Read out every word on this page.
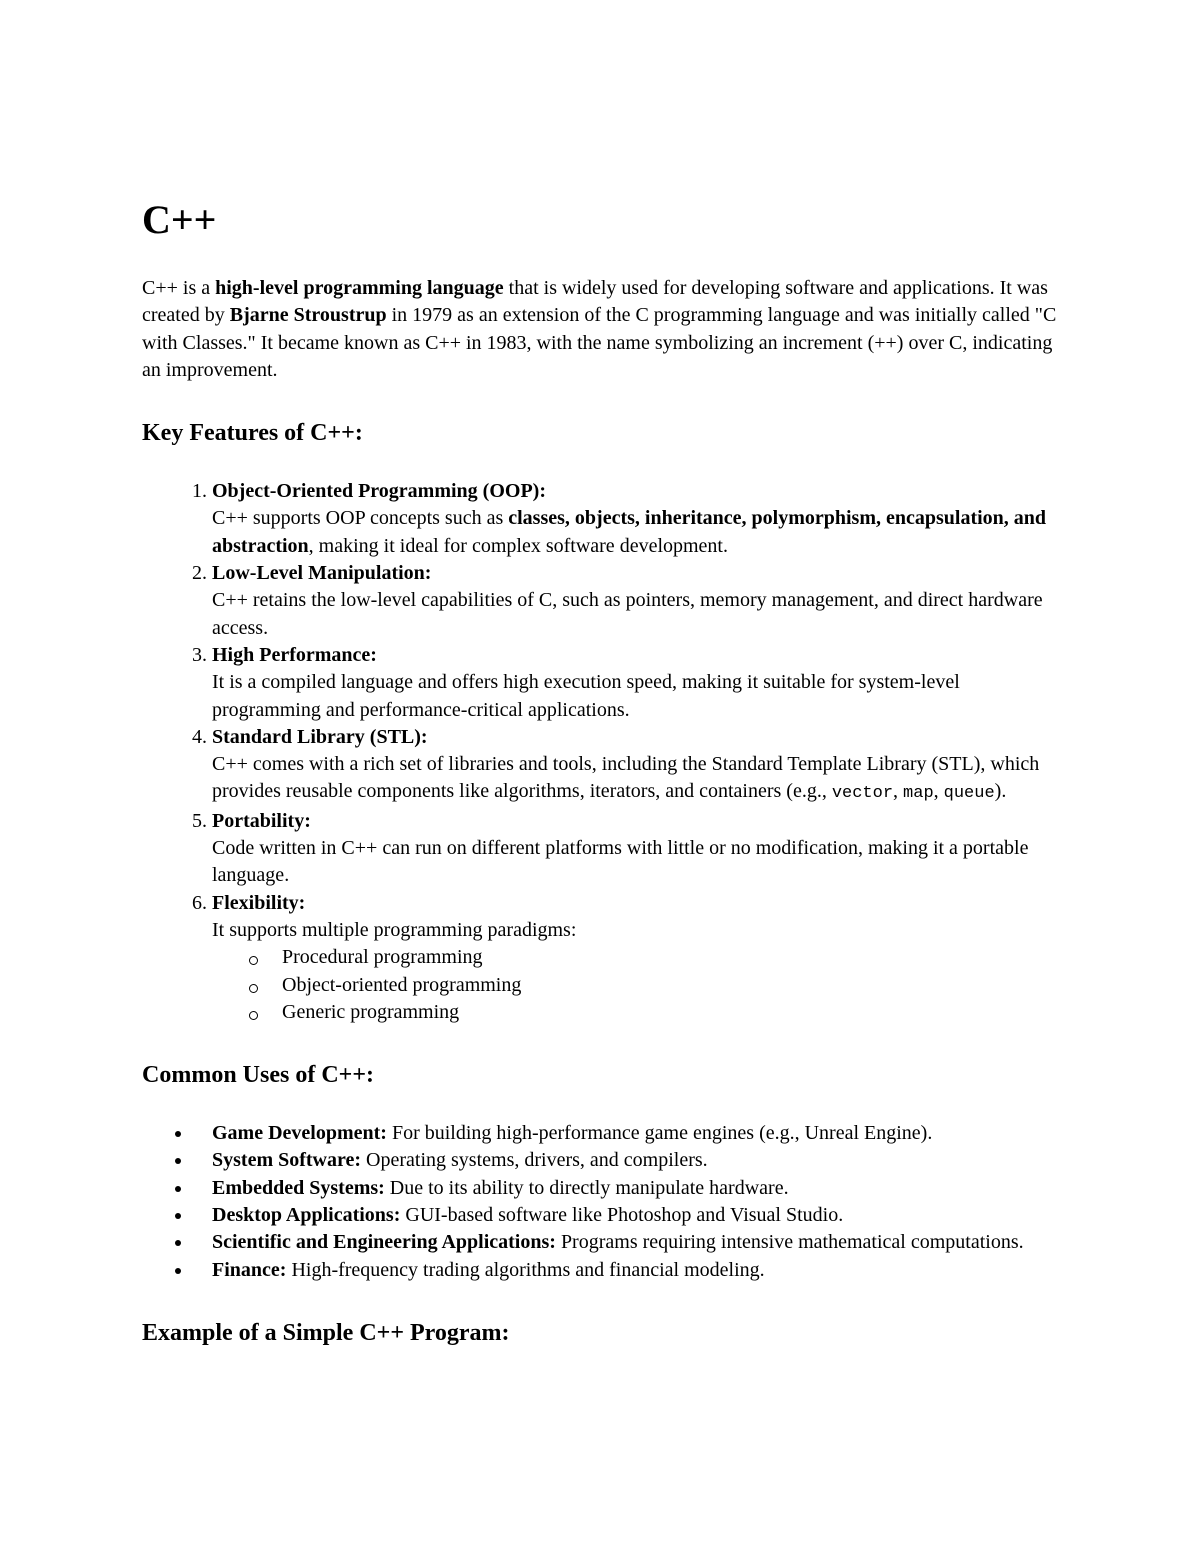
C++

C++ is a high-level programming language that is widely used for developing software and applications. It was created by Bjarne Stroustrup in 1979 as an extension of the C programming language and was initially called "C with Classes." It became known as C++ in 1983, with the name symbolizing an increment (++) over C, indicating an improvement.

Key Features of C++:
1. Object-Oriented Programming (OOP):
C++ supports OOP concepts such as classes, objects, inheritance, polymorphism, encapsulation, and abstraction, making it ideal for complex software development.
2. Low-Level Manipulation:
C++ retains the low-level capabilities of C, such as pointers, memory management, and direct hardware access.
3. High Performance:
It is a compiled language and offers high execution speed, making it suitable for system-level programming and performance-critical applications.
4. Standard Library (STL):
C++ comes with a rich set of libraries and tools, including the Standard Template Library (STL), which provides reusable components like algorithms, iterators, and containers (e.g., vector, map, queue).
5. Portability:
Code written in C++ can run on different platforms with little or no modification, making it a portable language.
6. Flexibility:
It supports multiple programming paradigms:
Procedural programming
Object-oriented programming
Generic programming
Common Uses of C++:
Game Development: For building high-performance game engines (e.g., Unreal Engine).
System Software: Operating systems, drivers, and compilers.
Embedded Systems: Due to its ability to directly manipulate hardware.
Desktop Applications: GUI-based software like Photoshop and Visual Studio.
Scientific and Engineering Applications: Programs requiring intensive mathematical computations.
Finance: High-frequency trading algorithms and financial modeling.
Example of a Simple C++ Program:
